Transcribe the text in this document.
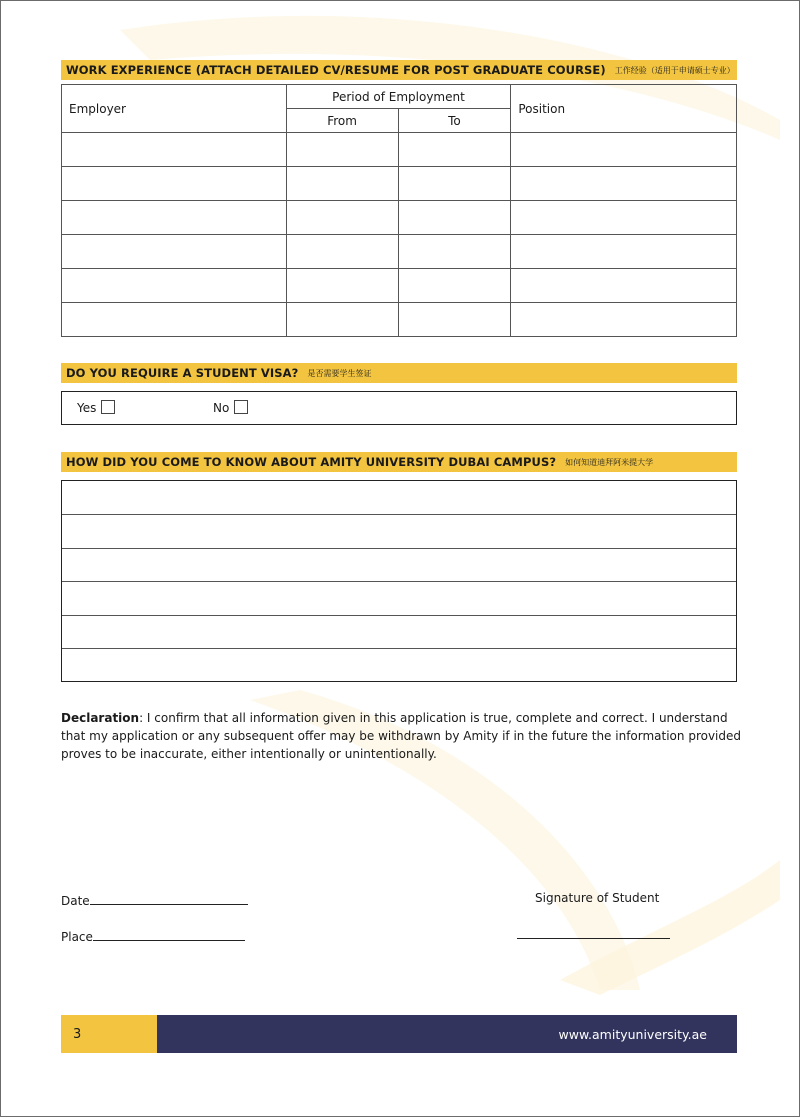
WORK EXPERIENCE (ATTACH DETAILED CV/RESUME FOR POST GRADUATE COURSE) 工作经验（适用于申请硕士专业）
Employer	Period of Employment		Position
	From	To	

DO YOU REQUIRE A STUDENT VISA? 是否需要学生签证
Yes	No
HOW DID YOU COME TO KNOW ABOUT AMITY UNIVERSITY DUBAI CAMPUS? 如何知道迪拜阿米提大学
Declaration: I confirm that all information given in this application is true, complete and correct. I understand that my application or any subsequent offer may be withdrawn by Amity if in the future the information provided proves to be inaccurate, either intentionally or unintentionally.
Date
Place
Signature of Student
3	www.amityuniversity.ae
